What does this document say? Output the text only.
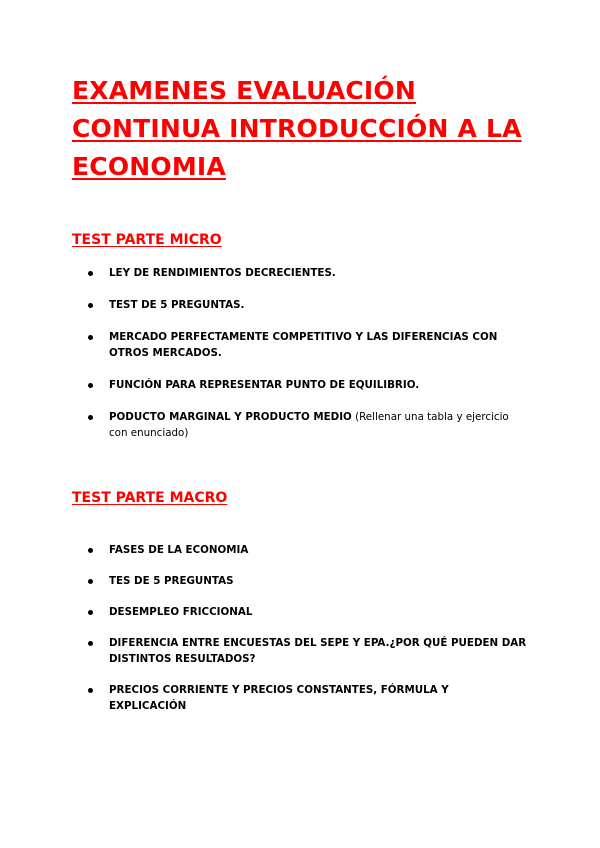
EXAMENES EVALUACIÓN CONTINUA INTRODUCCIÓN A LA ECONOMIA
TEST PARTE MICRO
LEY DE RENDIMIENTOS DECRECIENTES.
TEST DE 5 PREGUNTAS.
MERCADO PERFECTAMENTE COMPETITIVO Y LAS DIFERENCIAS CON OTROS MERCADOS.
FUNCIÓN PARA REPRESENTAR PUNTO DE EQUILIBRIO.
PODUCTO MARGINAL Y PRODUCTO MEDIO (Rellenar una tabla y ejercicio con enunciado)
TEST PARTE MACRO
FASES DE LA ECONOMIA
TES DE 5 PREGUNTAS
DESEMPLEO FRICCIONAL
DIFERENCIA ENTRE ENCUESTAS DEL SEPE Y EPA.¿POR QUÉ PUEDEN DAR DISTINTOS RESULTADOS?
PRECIOS CORRIENTE Y PRECIOS CONSTANTES, FÓRMULA Y EXPLICACIÓN
